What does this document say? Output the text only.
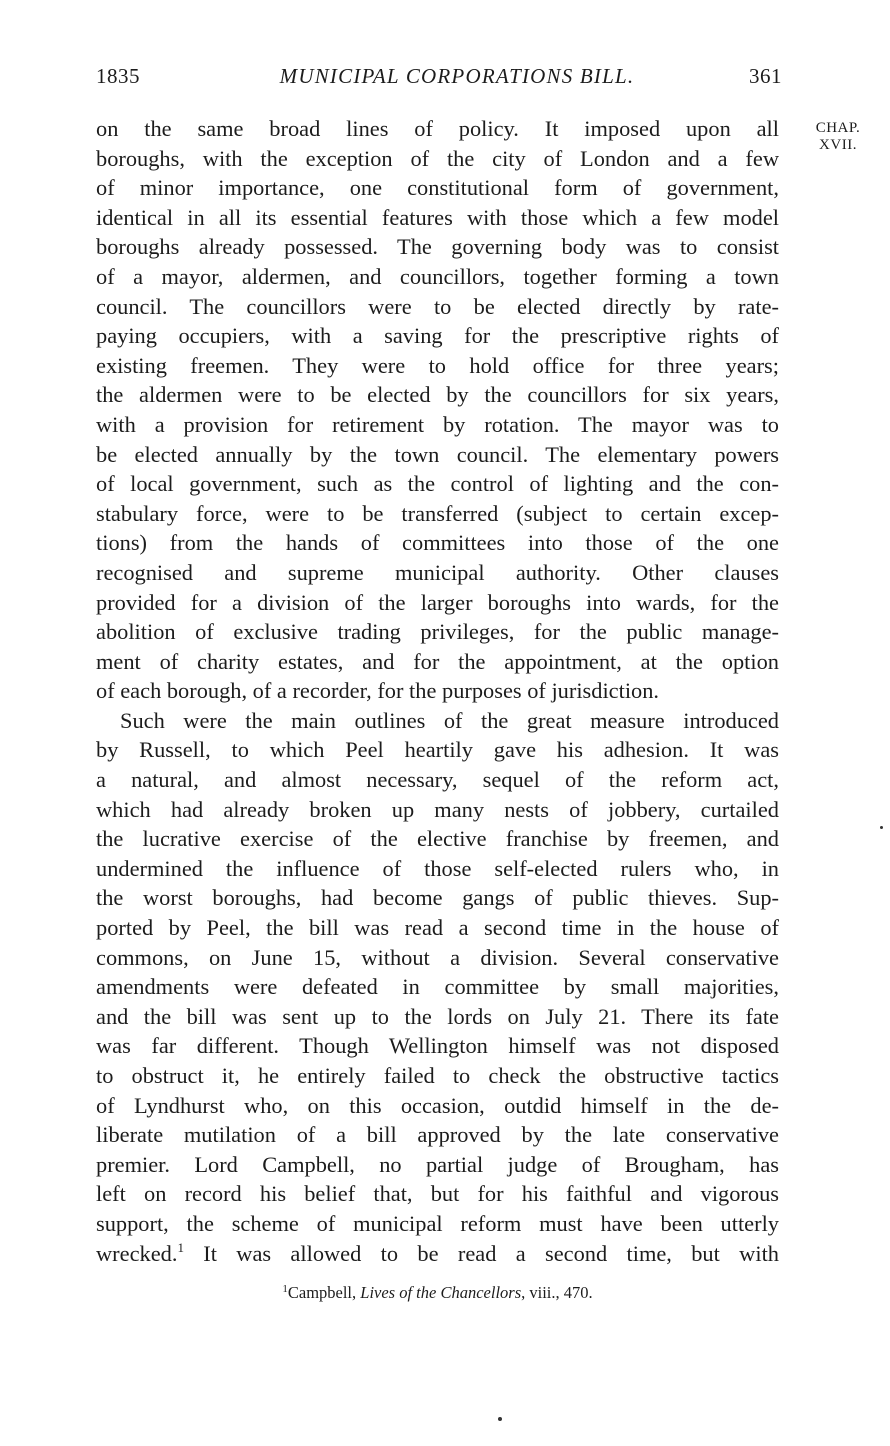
1835	MUNICIPAL CORPORATIONS BILL.	361
CHAP.
XVII.
on the same broad lines of policy. It imposed upon all
boroughs, with the exception of the city of London and a few
of minor importance, one constitutional form of government,
identical in all its essential features with those which a few model
boroughs already possessed. The governing body was to consist
of a mayor, aldermen, and councillors, together forming a town
council. The councillors were to be elected directly by rate-
paying occupiers, with a saving for the prescriptive rights of
existing freemen. They were to hold office for three years;
the aldermen were to be elected by the councillors for six years,
with a provision for retirement by rotation. The mayor was to
be elected annually by the town council. The elementary powers
of local government, such as the control of lighting and the con-
stabulary force, were to be transferred (subject to certain excep-
tions) from the hands of committees into those of the one
recognised and supreme municipal authority. Other clauses
provided for a division of the larger boroughs into wards, for the
abolition of exclusive trading privileges, for the public manage-
ment of charity estates, and for the appointment, at the option
of each borough, of a recorder, for the purposes of jurisdiction.
Such were the main outlines of the great measure introduced
by Russell, to which Peel heartily gave his adhesion. It was
a natural, and almost necessary, sequel of the reform act,
which had already broken up many nests of jobbery, curtailed
the lucrative exercise of the elective franchise by freemen, and
undermined the influence of those self-elected rulers who, in
the worst boroughs, had become gangs of public thieves. Sup-
ported by Peel, the bill was read a second time in the house of
commons, on June 15, without a division. Several conservative
amendments were defeated in committee by small majorities,
and the bill was sent up to the lords on July 21. There its fate
was far different. Though Wellington himself was not disposed
to obstruct it, he entirely failed to check the obstructive tactics
of Lyndhurst who, on this occasion, outdid himself in the de-
liberate mutilation of a bill approved by the late conservative
premier. Lord Campbell, no partial judge of Brougham, has
left on record his belief that, but for his faithful and vigorous
support, the scheme of municipal reform must have been utterly
wrecked.$^1$ It was allowed to be read a second time, but with
$^1$Campbell, Lives of the Chancellors, viii., 470.
